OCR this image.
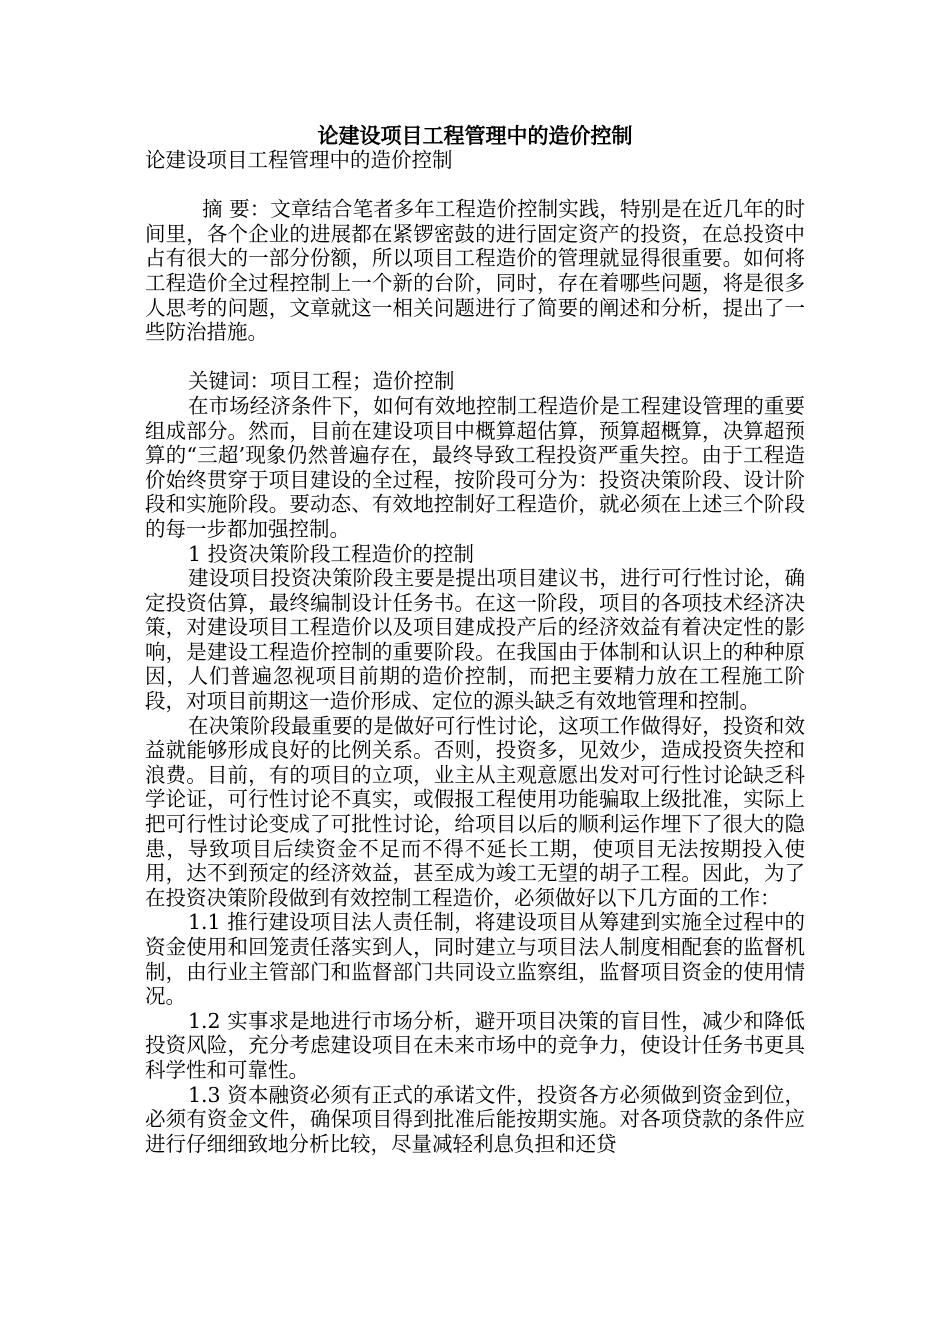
论建设项目工程管理中的造价控制

论建设项目工程管理中的造价控制

摘 要：文章结合笔者多年工程造价控制实践，特别是在近几年的时间里，各个企业的进展都在紧锣密鼓的进行固定资产的投资，在总投资中占有很大的一部分份额，所以项目工程造价的管理就显得很重要。如何将工程造价全过程控制上一个新的台阶，同时，存在着哪些问题，将是很多人思考的问题，文章就这一相关问题进行了简要的阐述和分析，提出了一些防治措施。

关键词：项目工程；造价控制

在市场经济条件下，如何有效地控制工程造价是工程建设管理的重要组成部分。然而，目前在建设项目中概算超估算，预算超概算，决算超预算的“三超’现象仍然普遍存在，最终导致工程投资严重失控。由于工程造价始终贯穿于项目建设的全过程，按阶段可分为：投资决策阶段、设计阶段和实施阶段。要动态、有效地控制好工程造价，就必须在上述三个阶段的每一步都加强控制。

1 投资决策阶段工程造价的控制

建设项目投资决策阶段主要是提出项目建议书，进行可行性讨论，确定投资估算，最终编制设计任务书。在这一阶段，项目的各项技术经济决策，对建设项目工程造价以及项目建成投产后的经济效益有着决定性的影响，是建设工程造价控制的重要阶段。在我国由于体制和认识上的种种原因，人们普遍忽视项目前期的造价控制，而把主要精力放在工程施工阶段，对项目前期这一造价形成、定位的源头缺乏有效地管理和控制。

在决策阶段最重要的是做好可行性讨论，这项工作做得好，投资和效益就能够形成良好的比例关系。否则，投资多，见效少，造成投资失控和浪费。目前，有的项目的立项，业主从主观意愿出发对可行性讨论缺乏科学论证，可行性讨论不真实，或假报工程使用功能骗取上级批准，实际上把可行性讨论变成了可批性讨论，给项目以后的顺利运作埋下了很大的隐患，导致项目后续资金不足而不得不延长工期，使项目无法按期投入使用，达不到预定的经济效益，甚至成为竣工无望的胡子工程。因此，为了在投资决策阶段做到有效控制工程造价，必须做好以下几方面的工作：

1.1 推行建设项目法人责任制，将建设项目从筹建到实施全过程中的资金使用和回笼责任落实到人，同时建立与项目法人制度相配套的监督机制，由行业主管部门和监督部门共同设立监察组，监督项目资金的使用情况。

1.2 实事求是地进行市场分析，避开项目决策的盲目性，减少和降低投资风险，充分考虑建设项目在未来市场中的竞争力，使设计任务书更具科学性和可靠性。

1.3 资本融资必须有正式的承诺文件，投资各方必须做到资金到位，必须有资金文件，确保项目得到批准后能按期实施。对各项贷款的条件应进行仔细细致地分析比较，尽量减轻利息负担和还贷
